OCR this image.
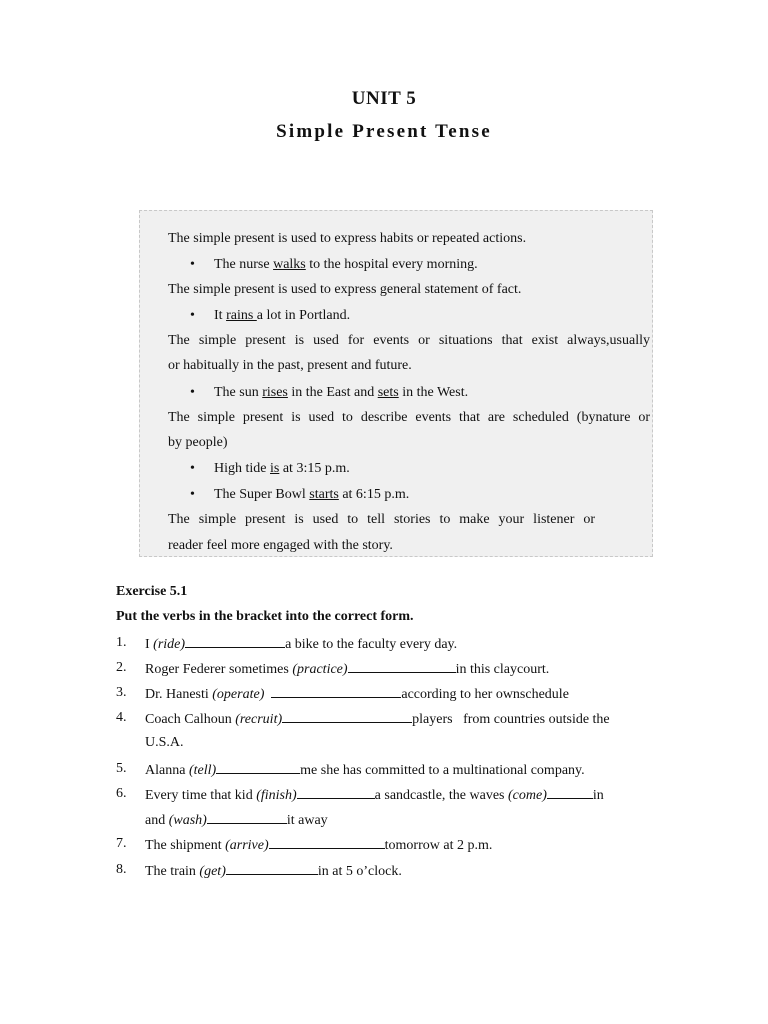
UNIT 5
Simple Present Tense

The simple present is used to express habits or repeated actions.

• The nurse walks to the hospital every morning.

The simple present is used to express general statement of fact.

• It rains a lot in Portland.

The simple present is used for events or situations that exist always,usually

or habitually in the past, present and future.

• The sun rises in the East and sets in the West.

The simple present is used to describe events that are scheduled (bynature or

by people)

• High tide is at 3:15 p.m.

• The Super Bowl starts at 6:15 p.m.

The simple present is used to tell stories to make your listener or

reader feel more engaged with the story.

Exercise 5.1

Put the verbs in the bracket into the correct form.

1. I (ride)	a bike to the faculty every day.

2. Roger Federer sometimes (practice)	in this claycourt.

3. Dr. Hanesti (operate)	according to her ownschedule

4. Coach Calhoun (recruit)	players   from countries outside the

U.S.A.

5. Alanna (tell)	me she has committed to a multinational company.

6. Every time that kid (finish)	a sandcastle, the waves (come)	in

and (wash)	it away

7. The shipment (arrive)	tomorrow at 2 p.m.

8. The train (get)	in at 5 o’clock.
